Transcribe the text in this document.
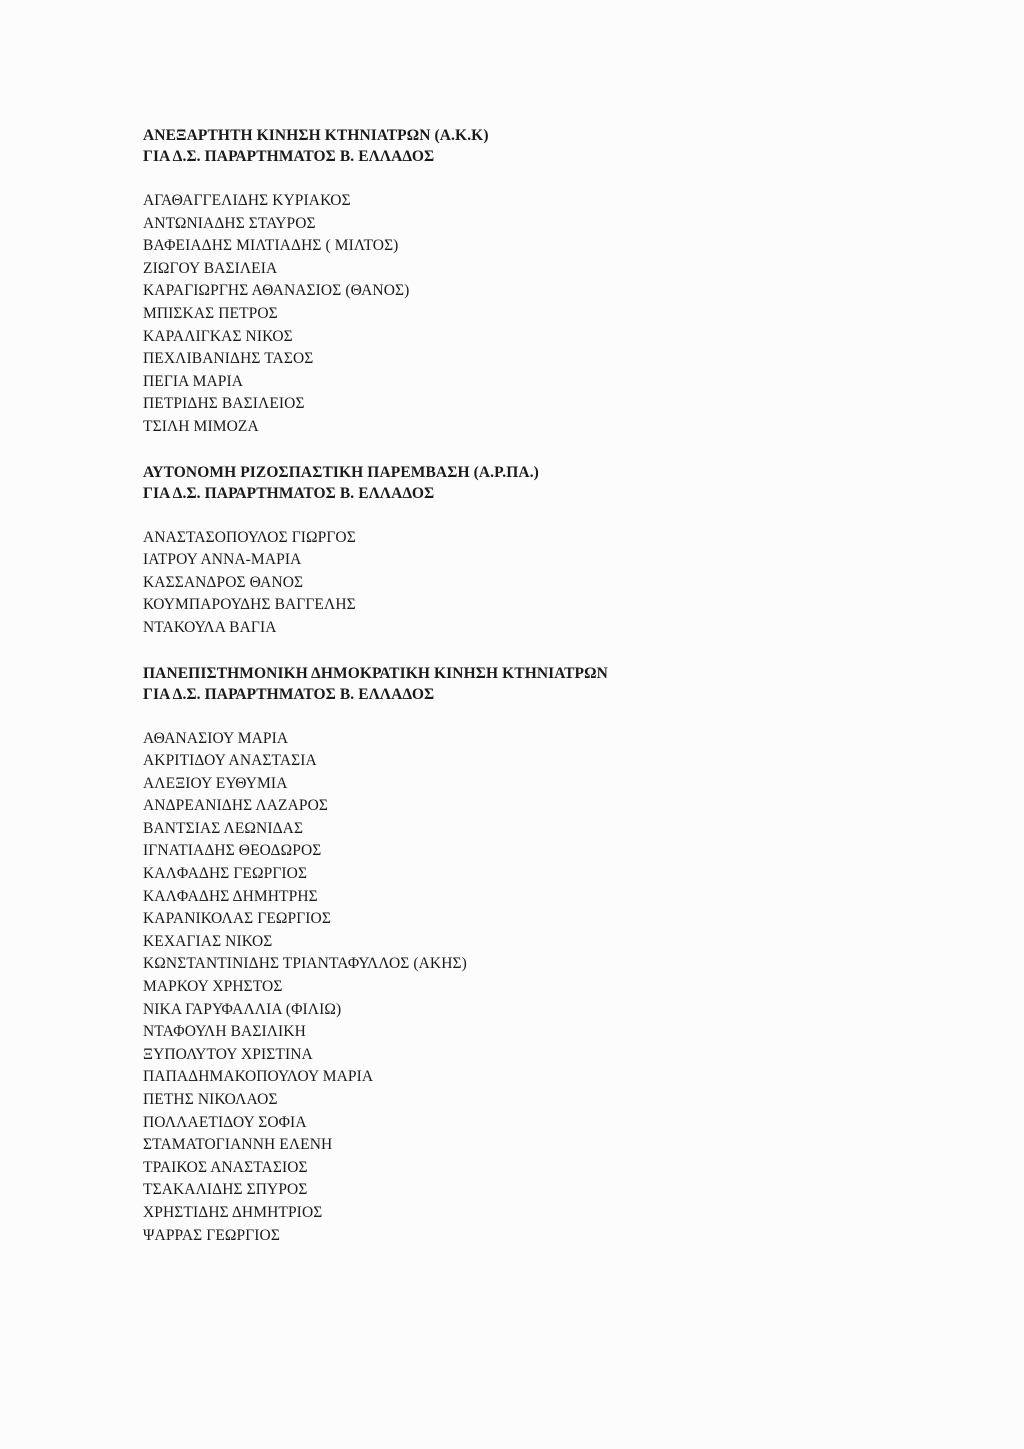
ΑΝΕΞΑΡΤΗΤΗ ΚΙΝΗΣΗ ΚΤΗΝΙΑΤΡΩΝ (Α.Κ.Κ)
ΓΙΑ Δ.Σ. ΠΑΡΑΡΤΗΜΑΤΟΣ Β. ΕΛΛΑΔΟΣ
ΑΓΑΘΑΓΓΕΛΙΔΗΣ ΚΥΡΙΑΚΟΣ
ΑΝΤΩΝΙΑΔΗΣ ΣΤΑΥΡΟΣ
ΒΑΦΕΙΑΔΗΣ ΜΙΛΤΙΑΔΗΣ ( ΜΙΛΤΟΣ)
ΖΙΩΓΟΥ ΒΑΣΙΛΕΙΑ
ΚΑΡΑΓΙΩΡΓΗΣ ΑΘΑΝΑΣΙΟΣ (ΘΑΝΟΣ)
ΜΠΙΣΚΑΣ ΠΕΤΡΟΣ
ΚΑΡΑΛΙΓΚΑΣ ΝΙΚΟΣ
ΠΕΧΛΙΒΑΝΙΔΗΣ ΤΑΣΟΣ
ΠΕΓΙΑ ΜΑΡΙΑ
ΠΕΤΡΙΔΗΣ ΒΑΣΙΛΕΙΟΣ
ΤΣΙΛΗ ΜΙΜΟΖΑ
ΑΥΤΟΝΟΜΗ ΡΙΖΟΣΠΑΣΤΙΚΗ ΠΑΡΕΜΒΑΣΗ (Α.Ρ.ΠΑ.)
ΓΙΑ Δ.Σ. ΠΑΡΑΡΤΗΜΑΤΟΣ Β. ΕΛΛΑΔΟΣ
ΑΝΑΣΤΑΣΟΠΟΥΛΟΣ ΓΙΩΡΓΟΣ
ΙΑΤΡΟΥ ΑΝΝΑ-ΜΑΡΙΑ
ΚΑΣΣΑΝΔΡΟΣ ΘΑΝΟΣ
ΚΟΥΜΠΑΡΟΥΔΗΣ ΒΑΓΓΕΛΗΣ
ΝΤΑΚΟΥΛΑ ΒΑΓΙΑ
ΠΑΝΕΠΙΣΤΗΜΟΝΙΚΗ ΔΗΜΟΚΡΑΤΙΚΗ ΚΙΝΗΣΗ ΚΤΗΝΙΑΤΡΩΝ
ΓΙΑ Δ.Σ. ΠΑΡΑΡΤΗΜΑΤΟΣ Β. ΕΛΛΑΔΟΣ
ΑΘΑΝΑΣΙΟΥ ΜΑΡΙΑ
ΑΚΡΙΤΙΔΟΥ ΑΝΑΣΤΑΣΙΑ
ΑΛΕΞΙΟΥ ΕΥΘΥΜΙΑ
ΑΝΔΡΕΑΝΙΔΗΣ ΛΑΖΑΡΟΣ
ΒΑΝΤΣΙΑΣ ΛΕΩΝΙΔΑΣ
ΙΓΝΑΤΙΑΔΗΣ ΘΕΟΔΩΡΟΣ
ΚΑΛΦΑΔΗΣ ΓΕΩΡΓΙΟΣ
ΚΑΛΦΑΔΗΣ ΔΗΜΗΤΡΗΣ
ΚΑΡΑΝΙΚΟΛΑΣ ΓΕΩΡΓΙΟΣ
ΚΕΧΑΓΙΑΣ ΝΙΚΟΣ
ΚΩΝΣΤΑΝΤΙΝΙΔΗΣ ΤΡΙΑΝΤΑΦΥΛΛΟΣ (ΑΚΗΣ)
ΜΑΡΚΟΥ ΧΡΗΣΤΟΣ
ΝΙΚΑ ΓΑΡΥΦΑΛΛΙΑ (ΦΙΛΙΩ)
ΝΤΑΦΟΥΛΗ ΒΑΣΙΛΙΚΗ
ΞΥΠΟΛΥΤΟΥ ΧΡΙΣΤΙΝΑ
ΠΑΠΑΔΗΜΑΚΟΠΟΥΛΟΥ ΜΑΡΙΑ
ΠΕΤΗΣ ΝΙΚΟΛΑΟΣ
ΠΟΛΛΑΕΤΙΔΟΥ ΣΟΦΙΑ
ΣΤΑΜΑΤΟΓΙΑΝΝΗ ΕΛΕΝΗ
ΤΡΑΙΚΟΣ ΑΝΑΣΤΑΣΙΟΣ
ΤΣΑΚΑΛΙΔΗΣ ΣΠΥΡΟΣ
ΧΡΗΣΤΙΔΗΣ ΔΗΜΗΤΡΙΟΣ
ΨΑΡΡΑΣ ΓΕΩΡΓΙΟΣ
